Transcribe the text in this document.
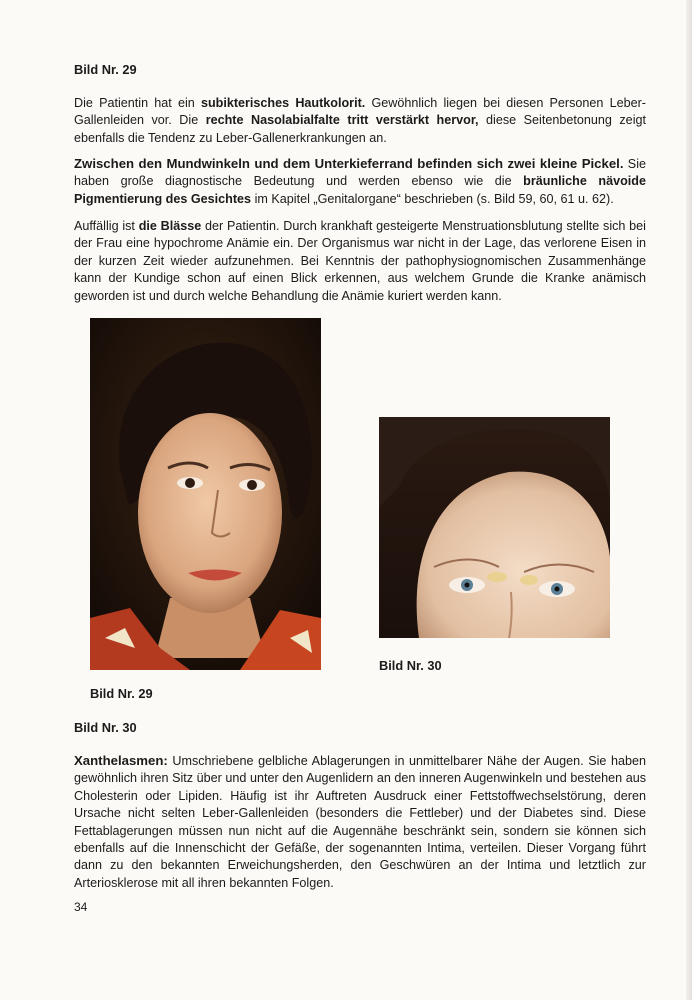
Bild Nr. 29
Die Patientin hat ein subikterisches Hautkolorit. Gewöhnlich liegen bei diesen Personen Leber-Gallenleiden vor. Die rechte Nasolabialfalte tritt verstärkt hervor, diese Seitenbetonung zeigt ebenfalls die Tendenz zu Leber-Gallenerkrankungen an.
Zwischen den Mundwinkeln und dem Unterkieferrand befinden sich zwei kleine Pickel. Sie haben große diagnostische Bedeutung und werden ebenso wie die bräunliche nävoide Pigmentierung des Gesichtes im Kapitel „Genitalorgane“ beschrieben (s. Bild 59, 60, 61 u. 62).
Auffällig ist die Blässe der Patientin. Durch krankhaft gesteigerte Menstruationsblutung stellte sich bei der Frau eine hypochrome Anämie ein. Der Organismus war nicht in der Lage, das verlorene Eisen in der kurzen Zeit wieder aufzunehmen. Bei Kenntnis der pathophysiognomischen Zusammenhänge kann der Kundige schon auf einen Blick erkennen, aus welchem Grunde die Kranke anämisch geworden ist und durch welche Behandlung die Anämie kuriert werden kann.
Bild Nr. 30
Bild Nr. 29
Bild Nr. 30
Xanthelasmen: Umschriebene gelbliche Ablagerungen in unmittelbarer Nähe der Augen. Sie haben gewöhnlich ihren Sitz über und unter den Augenlidern an den inneren Augenwinkeln und bestehen aus Cholesterin oder Lipiden. Häufig ist ihr Auftreten Ausdruck einer Fettstoffwechselstörung, deren Ursache nicht selten Leber-Gallenleiden (besonders die Fettleber) und der Diabetes sind. Diese Fettablagerungen müssen nun nicht auf die Augennähe beschränkt sein, sondern sie können sich ebenfalls auf die Innenschicht der Gefäße, der sogenannten Intima, verteilen. Dieser Vorgang führt dann zu den bekannten Erweichungsherden, den Geschwüren an der Intima und letztlich zur Arteriosklerose mit all ihren bekannten Folgen.
34
